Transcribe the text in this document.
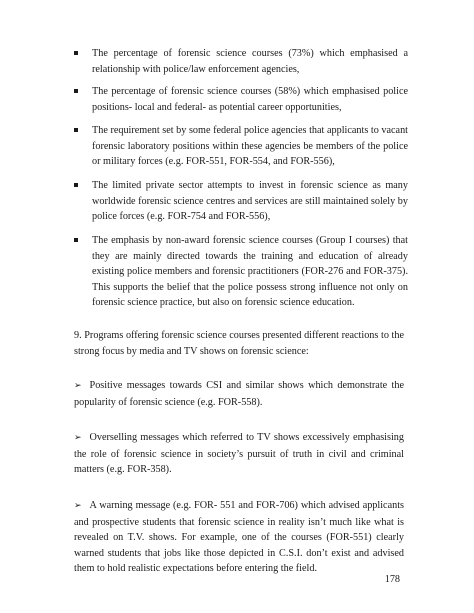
The percentage of forensic science courses (73%) which emphasised a relationship with police/law enforcement agencies,

The percentage of forensic science courses (58%) which emphasised police positions- local and federal- as potential career opportunities,

The requirement set by some federal police agencies that applicants to vacant forensic laboratory positions within these agencies be members of the police or military forces (e.g. FOR-551, FOR-554, and FOR-556),

The limited private sector attempts to invest in forensic science as many worldwide forensic science centres and services are still maintained solely by police forces (e.g. FOR-754 and FOR-556),

The emphasis by non-award forensic science courses (Group I courses) that they are mainly directed towards the training and education of already existing police members and forensic practitioners (FOR-276 and FOR-375). This supports the belief that the police possess strong influence not only on forensic science practice, but also on forensic science education.

9. Programs offering forensic science courses presented different reactions to the strong focus by media and TV shows on forensic science:

➢ Positive messages towards CSI and similar shows which demonstrate the popularity of forensic science (e.g. FOR-558).

➢ Overselling messages which referred to TV shows excessively emphasising the role of forensic science in society’s pursuit of truth in civil and criminal matters (e.g. FOR-358).

➢ A warning message (e.g. FOR- 551 and FOR-706) which advised applicants and prospective students that forensic science in reality isn’t much like what is revealed on T.V. shows. For example, one of the courses (FOR-551) clearly warned students that jobs like those depicted in C.S.I. don’t exist and advised them to hold realistic expectations before entering the field.

178
